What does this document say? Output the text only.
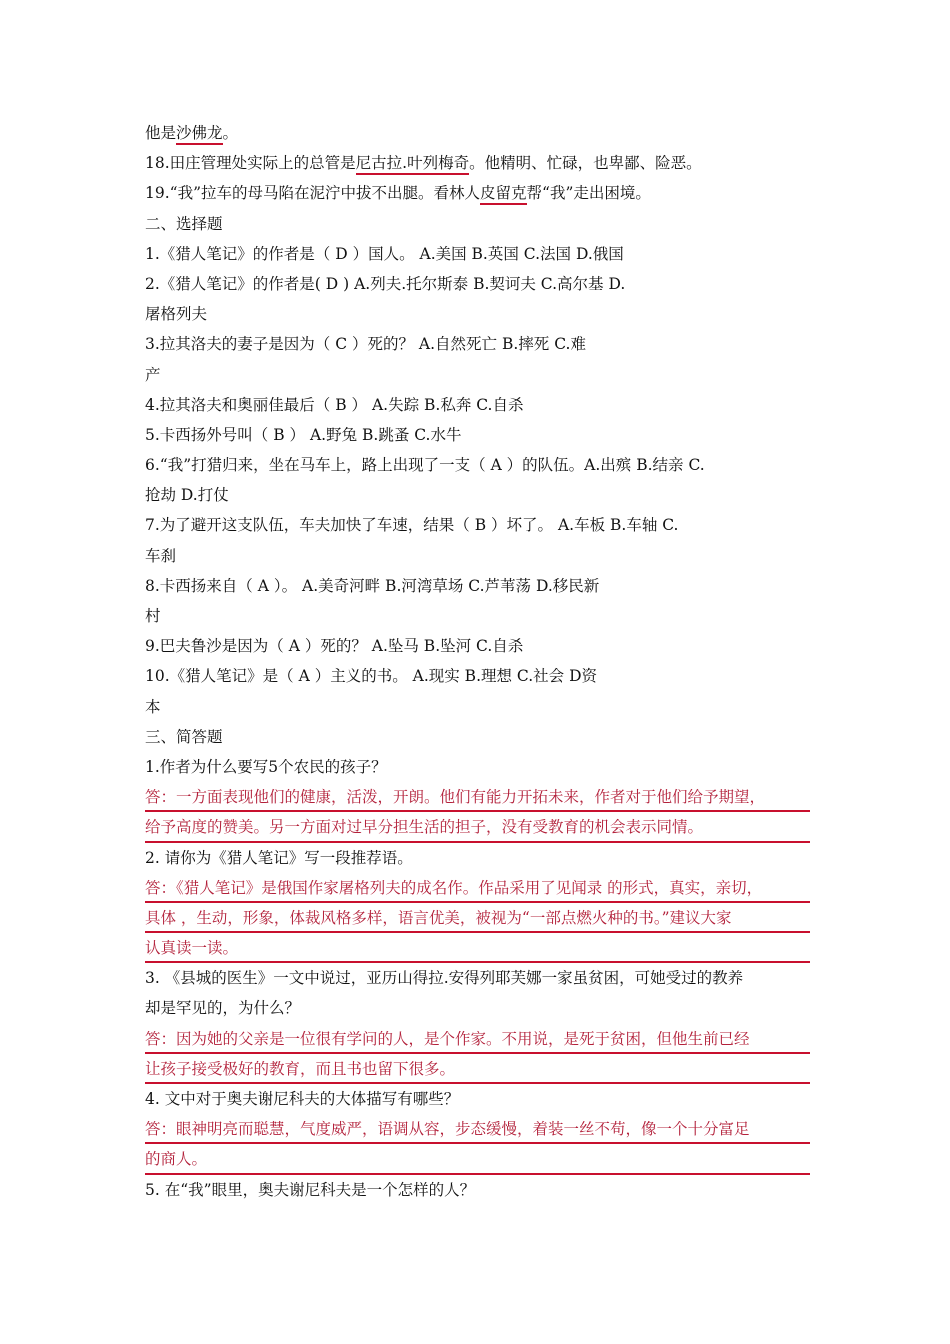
他是沙佛龙。
18.田庄管理处实际上的总管是尼古拉.叶列梅奇。他精明、忙碌，也卑鄙、险恶。
19.“我”拉车的母马陷在泥泞中拔不出腿。看林人皮留克帮“我”走出困境。
二、选择题
1.《猎人笔记》的作者是（ D ）国人。 A.美国 B.英国 C.法国 D.俄国
2.《猎人笔记》的作者是( D ) A.列夫.托尔斯泰 B.契诃夫 C.高尔基 D.
屠格列夫
3.拉其洛夫的妻子是因为（ C ）死的？ A.自然死亡 B.摔死 C.难
产
4.拉其洛夫和奥丽佳最后（ B ） A.失踪 B.私奔 C.自杀
5.卡西扬外号叫（ B ） A.野兔 B.跳蚤 C.水牛
6.“我”打猎归来，坐在马车上，路上出现了一支（ A ）的队伍。A.出殡 B.结亲 C.
抢劫 D.打仗
7.为了避开这支队伍，车夫加快了车速，结果（ B ）坏了。 A.车板 B.车轴 C.
车刹
8.卡西扬来自（ A ）。 A.美奇河畔 B.河湾草场 C.芦苇荡 D.移民新
村
9.巴夫鲁沙是因为（ A ）死的？ A.坠马 B.坠河 C.自杀
10.《猎人笔记》是（ A ）主义的书。 A.现实 B.理想 C.社会 D资
本
三、简答题
1.作者为什么要写5个农民的孩子？
答：一方面表现他们的健康，活泼，开朗。他们有能力开拓未来，作者对于他们给予期望，
给予高度的赞美。另一方面对过早分担生活的担子，没有受教育的机会表示同情。
2. 请你为《猎人笔记》写一段推荐语。
答：《猎人笔记》是俄国作家屠格列夫的成名作。作品采用了见闻录 的形式，真实，亲切，
具体 ，生动，形象，体裁风格多样，语言优美，被视为“一部点燃火种的书。”建议大家
认真读一读。
3. 《县城的医生》一文中说过，亚历山得拉.安得列耶芙娜一家虽贫困，可她受过的教养
却是罕见的，为什么？
答：因为她的父亲是一位很有学问的人，是个作家。不用说，是死于贫困，但他生前已经
让孩子接受极好的教育，而且书也留下很多。
4. 文中对于奥夫谢尼科夫的大体描写有哪些？
答：眼神明亮而聪慧，气度威严，语调从容，步态缓慢，着装一丝不苟，像一个十分富足
的商人。
5. 在“我”眼里，奥夫谢尼科夫是一个怎样的人？
